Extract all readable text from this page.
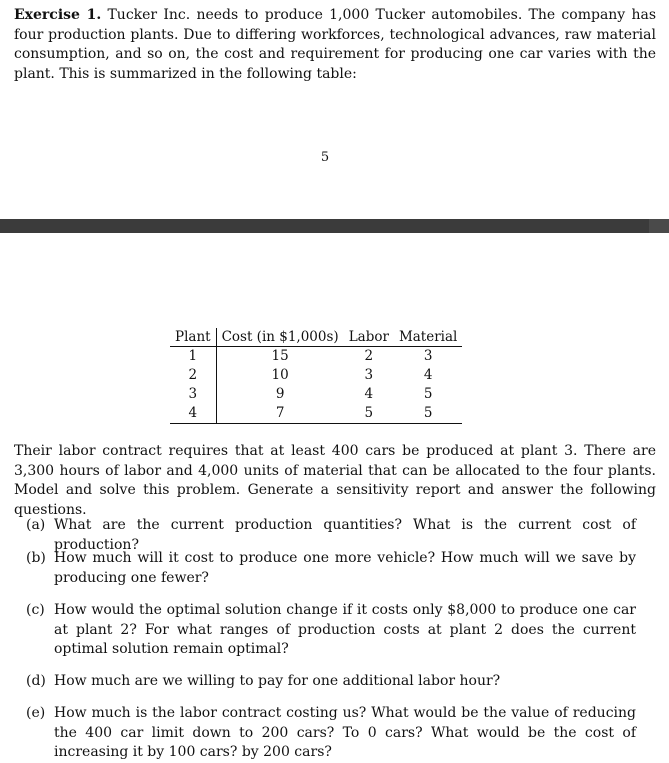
Exercise 1. Tucker Inc. needs to produce 1,000 Tucker automobiles. The company has four production plants. Due to differing workforces, technological advances, raw material consumption, and so on, the cost and requirement for producing one car varies with the plant. This is summarized in the following table:

5
Plant	Cost (in $1,000s)	Labor	Material
1	15	2	3
2	10	3	4
3	9	4	5
4	7	5	5

Their labor contract requires that at least 400 cars be produced at plant 3. There are 3,300 hours of labor and 4,000 units of material that can be allocated to the four plants. Model and solve this problem. Generate a sensitivity report and answer the following questions.

(a) What are the current production quantities? What is the current cost of production?
(b) How much will it cost to produce one more vehicle? How much will we save by producing one fewer?
(c) How would the optimal solution change if it costs only $8,000 to produce one car at plant 2? For what ranges of production costs at plant 2 does the current optimal solution remain optimal?
(d) How much are we willing to pay for one additional labor hour?
(e) How much is the labor contract costing us? What would be the value of reducing the 400 car limit down to 200 cars? To 0 cars? What would be the cost of increasing it by 100 cars? by 200 cars?
